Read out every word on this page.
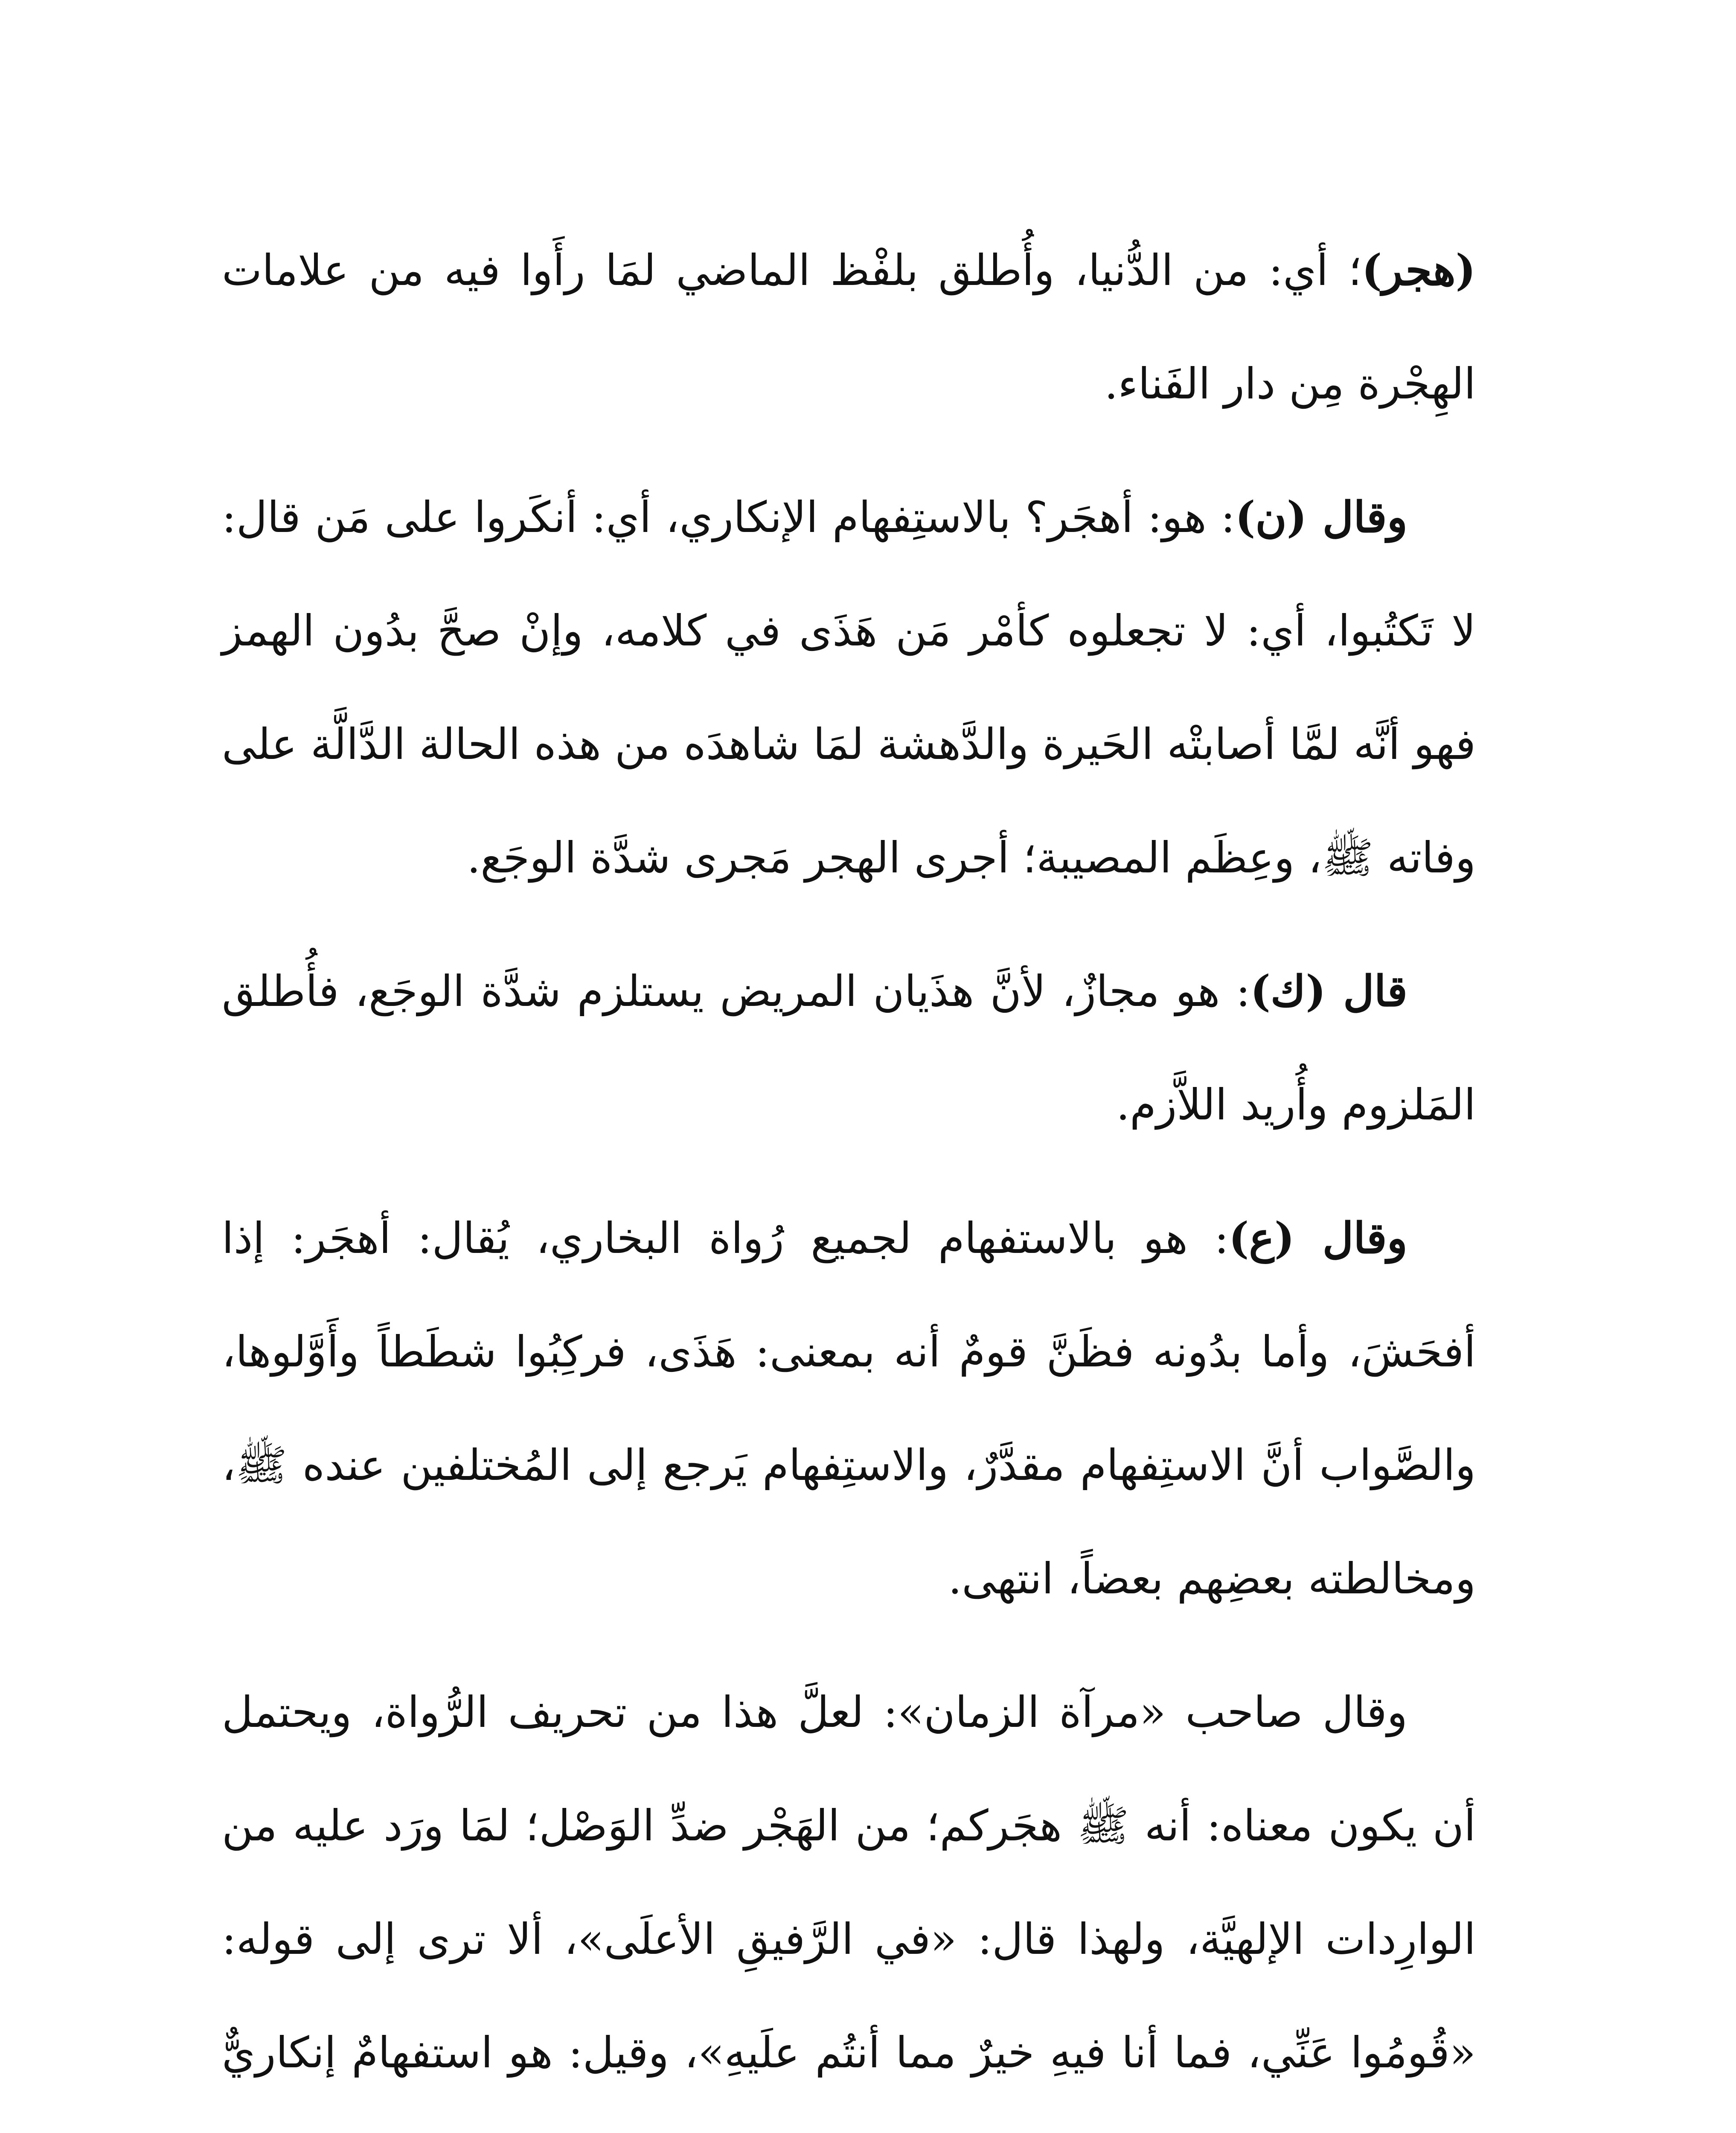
(هجر)؛ أي: من الدُّنيا، وأُطلق بلفْظ الماضي لمَا رأَوا فيه من علامات الهِجْرة مِن دار الفَناء.

وقال (ن): هو: أهجَر؟ بالاستِفهام الإنكاري، أي: أنكَروا على مَن قال: لا تَكتُبوا، أي: لا تجعلوه كأمْر مَن هَذَى في كلامه، وإنْ صحَّ بدُون الهمز فهو أنَّه لمَّا أصابتْه الحَيرة والدَّهشة لمَا شاهدَه من هذه الحالة الدَّالَّة على وفاته ﷺ، وعِظَم المصيبة؛ أجرى الهجر مَجرى شدَّة الوجَع.

قال (ك): هو مجازٌ، لأنَّ هذَيان المريض يستلزم شدَّة الوجَع، فأُطلق المَلزوم وأُريد اللاَّزم.

وقال (ع): هو بالاستفهام لجميع رُواة البخاري، يُقال: أهجَر: إذا أفحَشَ، وأما بدُونه فظَنَّ قومٌ أنه بمعنى: هَذَى، فركِبُوا شطَطاً وأَوَّلوها، والصَّواب أنَّ الاستِفهام مقدَّرٌ، والاستِفهام يَرجع إلى المُختلفين عنده ﷺ، ومخالطته بعضِهم بعضاً، انتهى.

وقال صاحب «مرآة الزمان»: لعلَّ هذا من تحريف الرُّواة، ويحتمل أن يكون معناه: أنه ﷺ هجَركم؛ من الهَجْر ضدِّ الوَصْل؛ لمَا ورَد عليه من الوارِدات الإلهيَّة، ولهذا قال: «في الرَّفيقِ الأعلَى»، ألا ترى إلى قوله: «قُومُوا عَنِّي، فما أنا فيهِ خيرٌ مما أنتُم علَيهِ»، وقيل: هو استفهامٌ إنكاريٌّ
